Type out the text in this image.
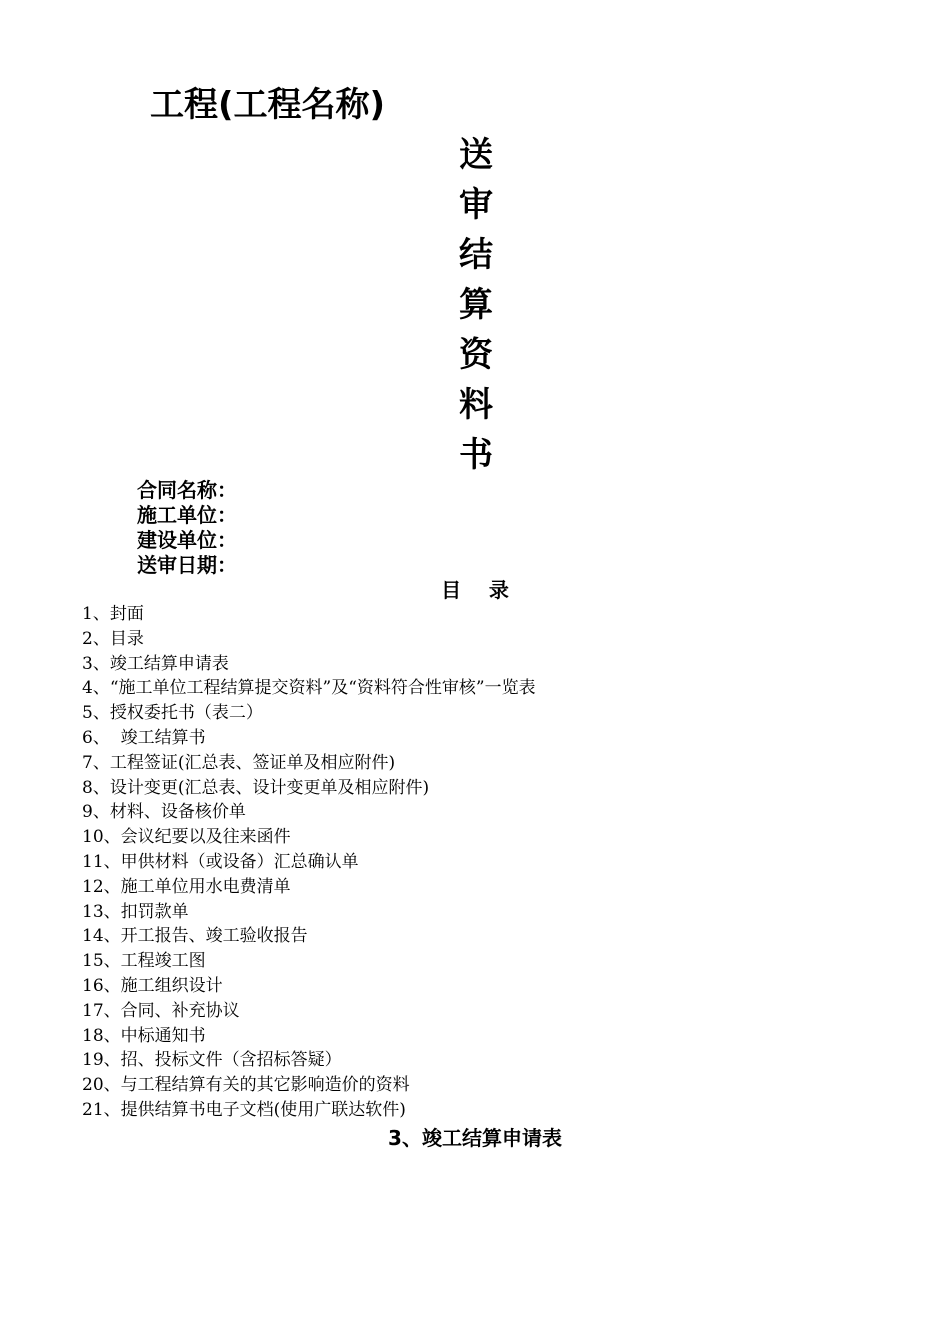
工程(工程名称)
送
审
结
算
资
料
书
合同名称：
施工单位：
建设单位：
送审日期：
目    录
1、封面
2、目录
3、竣工结算申请表
4、“施工单位工程结算提交资料”及“资料符合性审核”一览表
5、授权委托书（表二）
6、  竣工结算书
7、工程签证(汇总表、签证单及相应附件)
8、设计变更(汇总表、设计变更单及相应附件)
9、材料、设备核价单
10、会议纪要以及往来函件
11、甲供材料（或设备）汇总确认单
12、施工单位用水电费清单
13、扣罚款单
14、开工报告、竣工验收报告
15、工程竣工图
16、施工组织设计
17、合同、补充协议
18、中标通知书
19、招、投标文件（含招标答疑）
20、与工程结算有关的其它影响造价的资料
21、提供结算书电子文档(使用广联达软件)
3、竣工结算申请表
